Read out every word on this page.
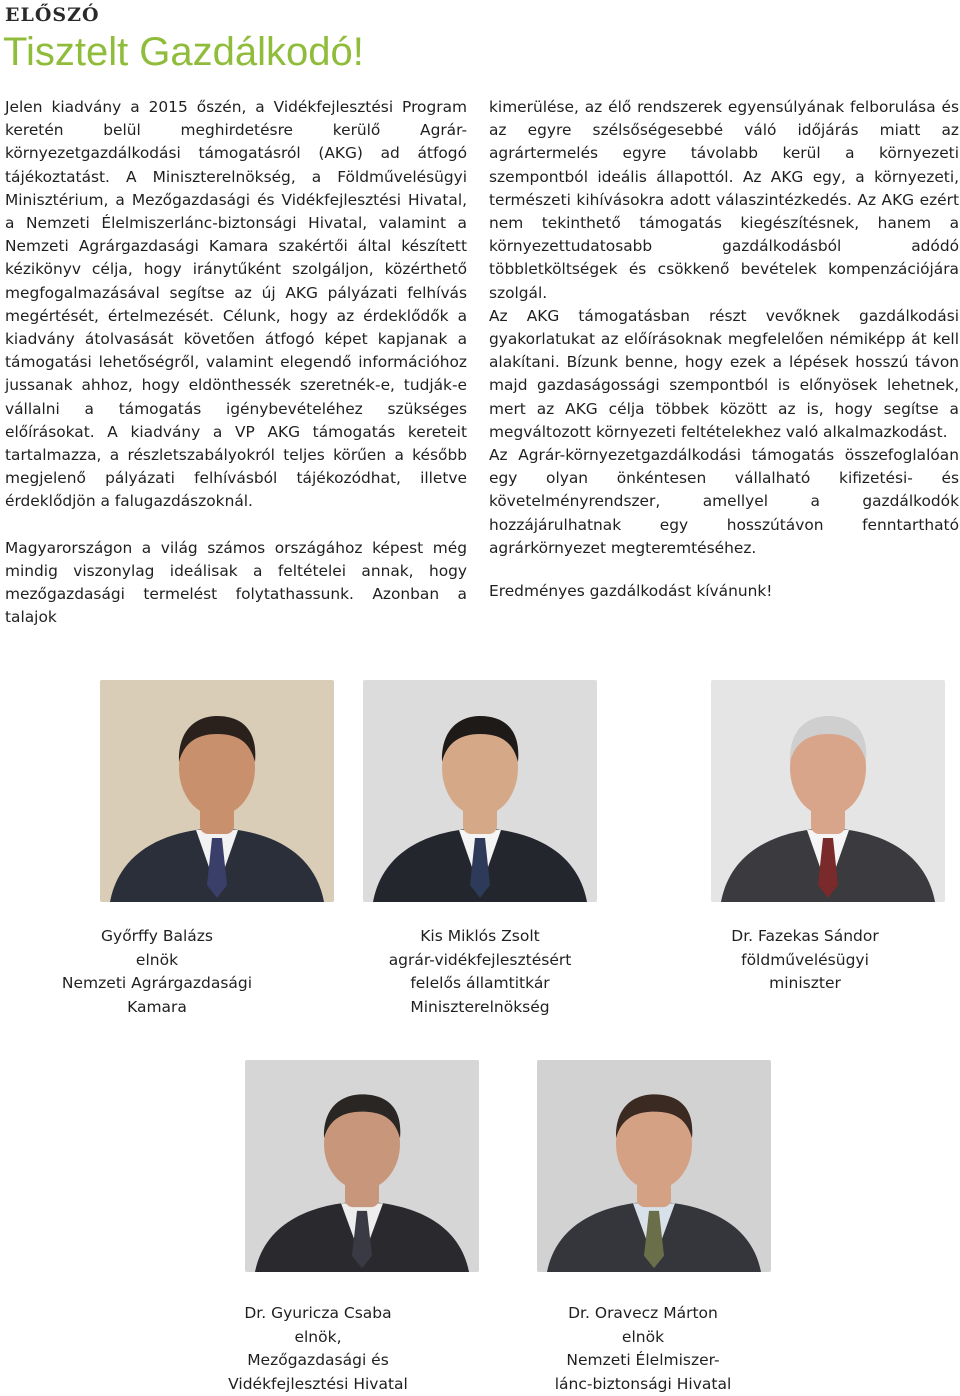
ELŐSZÓ
Tisztelt Gazdálkodó!

Jelen kiadvány a 2015 őszén, a Vidékfejlesztési Program keretén belül meghirdetésre kerülő Agrár-környezetgazdálkodási támogatásról (AKG) ad átfogó tájékoztatást. A Miniszterelnökség, a Földművelésügyi Minisztérium, a Mezőgazdasági és Vidékfejlesztési Hivatal, a Nemzeti Élelmiszerlánc-biztonsági Hivatal, valamint a Nemzeti Agrárgazdasági Kamara szakértői által készített kézikönyv célja, hogy iránytűként szolgáljon, közérthető megfogalmazásával segítse az új AKG pályázati felhívás megértését, értelmezését. Célunk, hogy az érdeklődők a kiadvány átolvasását követően átfogó képet kapjanak a támogatási lehetőségről, valamint elegendő információhoz jussanak ahhoz, hogy eldönthessék szeretnék-e, tudják-e vállalni a támogatás igénybevételéhez szükséges előírásokat. A kiadvány a VP AKG támogatás kereteit tartalmazza, a részletszabályokról teljes körűen a később megjelenő pályázati felhívásból tájékozódhat, illetve érdeklődjön a falugazdászoknál.

Magyarországon a világ számos országához képest még mindig viszonylag ideálisak a feltételei annak, hogy mezőgazdasági termelést folytathassunk. Azonban a talajok

kimerülése, az élő rendszerek egyensúlyának felborulása és az egyre szélsőségesebbé váló időjárás miatt az agrártermelés egyre távolabb kerül a környezeti szempontból ideális állapottól. Az AKG egy, a környezeti, természeti kihívásokra adott válaszintézkedés. Az AKG ezért nem tekinthető támogatás kiegészítésnek, hanem a környezettudatosabb gazdálkodásból adódó többletköltségek és csökkenő bevételek kompenzációjára szolgál.

Az AKG támogatásban részt vevőknek gazdálkodási gyakorlatukat az előírásoknak megfelelően némiképp át kell alakítani. Bízunk benne, hogy ezek a lépések hosszú távon majd gazdaságossági szempontból is előnyösek lehetnek, mert az AKG célja többek között az is, hogy segítse a megváltozott környezeti feltételekhez való alkalmazkodást.

Az Agrár-környezetgazdálkodási támogatás összefoglalóan egy olyan önkéntesen vállalható kifizetési- és követelményrendszer, amellyel a gazdálkodók hozzájárulhatnak egy hosszútávon fenntartható agrárkörnyezet megteremtéséhez.

Eredményes gazdálkodást kívánunk!

Győrffy Balázs
elnök
Nemzeti Agrárgazdasági
Kamara
Kis Miklós Zsolt
agrár-vidékfejlesztésért
felelős államtitkár
Miniszterelnökség
Dr. Fazekas Sándor
földművelésügyi
miniszter
Dr. Gyuricza Csaba
elnök,
Mezőgazdasági és
Vidékfejlesztési Hivatal
Dr. Oravecz Márton
elnök
Nemzeti Élelmiszer-
lánc-biztonsági Hivatal
